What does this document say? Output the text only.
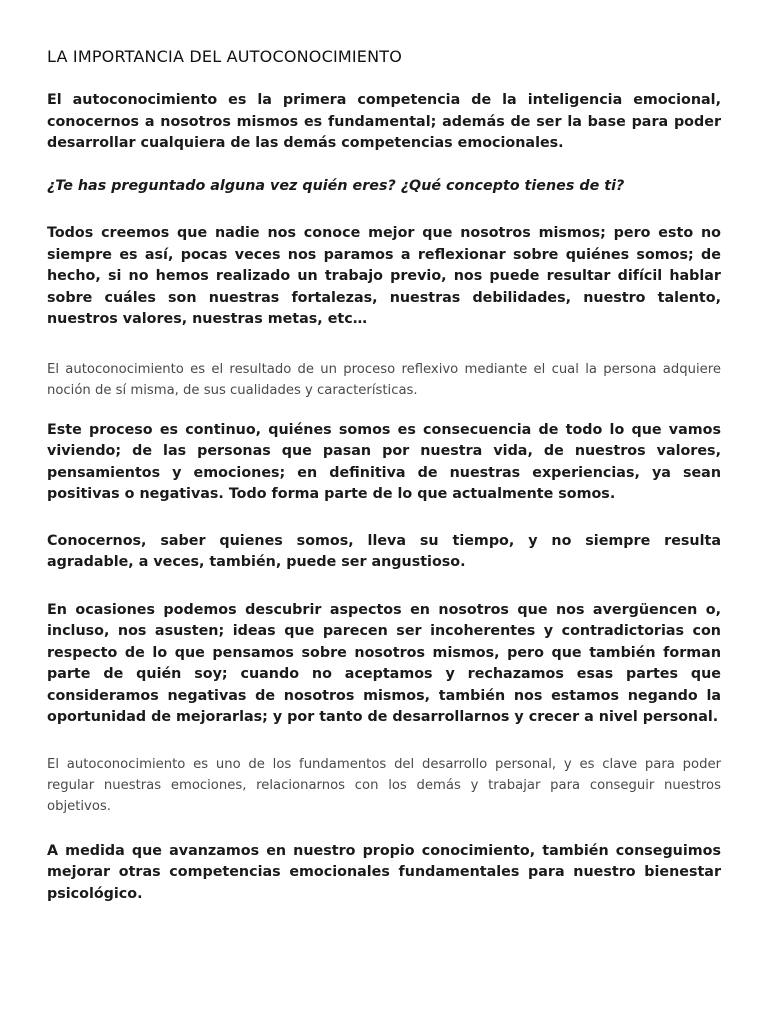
LA IMPORTANCIA DEL AUTOCONOCIMIENTO

El autoconocimiento es la primera competencia de la inteligencia emocional, conocernos a nosotros mismos es fundamental; además de ser la base para poder desarrollar cualquiera de las demás competencias emocionales.

¿Te has preguntado alguna vez quién eres? ¿Qué concepto tienes de ti?

Todos creemos que nadie nos conoce mejor que nosotros mismos; pero esto no siempre es así, pocas veces nos paramos a reflexionar sobre quiénes somos; de hecho, si no hemos realizado un trabajo previo, nos puede resultar difícil hablar sobre cuáles son nuestras fortalezas, nuestras debilidades, nuestro talento, nuestros valores, nuestras metas, etc…

El autoconocimiento es el resultado de un proceso reflexivo mediante el cual la persona adquiere noción de sí misma, de sus cualidades y características.

Este proceso es continuo, quiénes somos es consecuencia de todo lo que vamos viviendo; de las personas que pasan por nuestra vida, de nuestros valores, pensamientos y emociones; en definitiva de nuestras experiencias, ya sean positivas o negativas. Todo forma parte de lo que actualmente somos.

Conocernos, saber quienes somos, lleva su tiempo, y no siempre resulta agradable, a veces, también, puede ser angustioso.

En ocasiones podemos descubrir aspectos en nosotros que nos avergüencen o, incluso, nos asusten; ideas que parecen ser incoherentes y contradictorias con respecto de lo que pensamos sobre nosotros mismos, pero que también forman parte de quién soy; cuando no aceptamos y rechazamos esas partes que consideramos negativas de nosotros mismos, también nos estamos negando la oportunidad de mejorarlas; y por tanto de desarrollarnos y crecer a nivel personal.

El autoconocimiento es uno de los fundamentos del desarrollo personal, y es clave para poder regular nuestras emociones, relacionarnos con los demás y trabajar para conseguir nuestros objetivos.

A medida que avanzamos en nuestro propio conocimiento, también conseguimos mejorar otras competencias emocionales fundamentales para nuestro bienestar psicológico.
